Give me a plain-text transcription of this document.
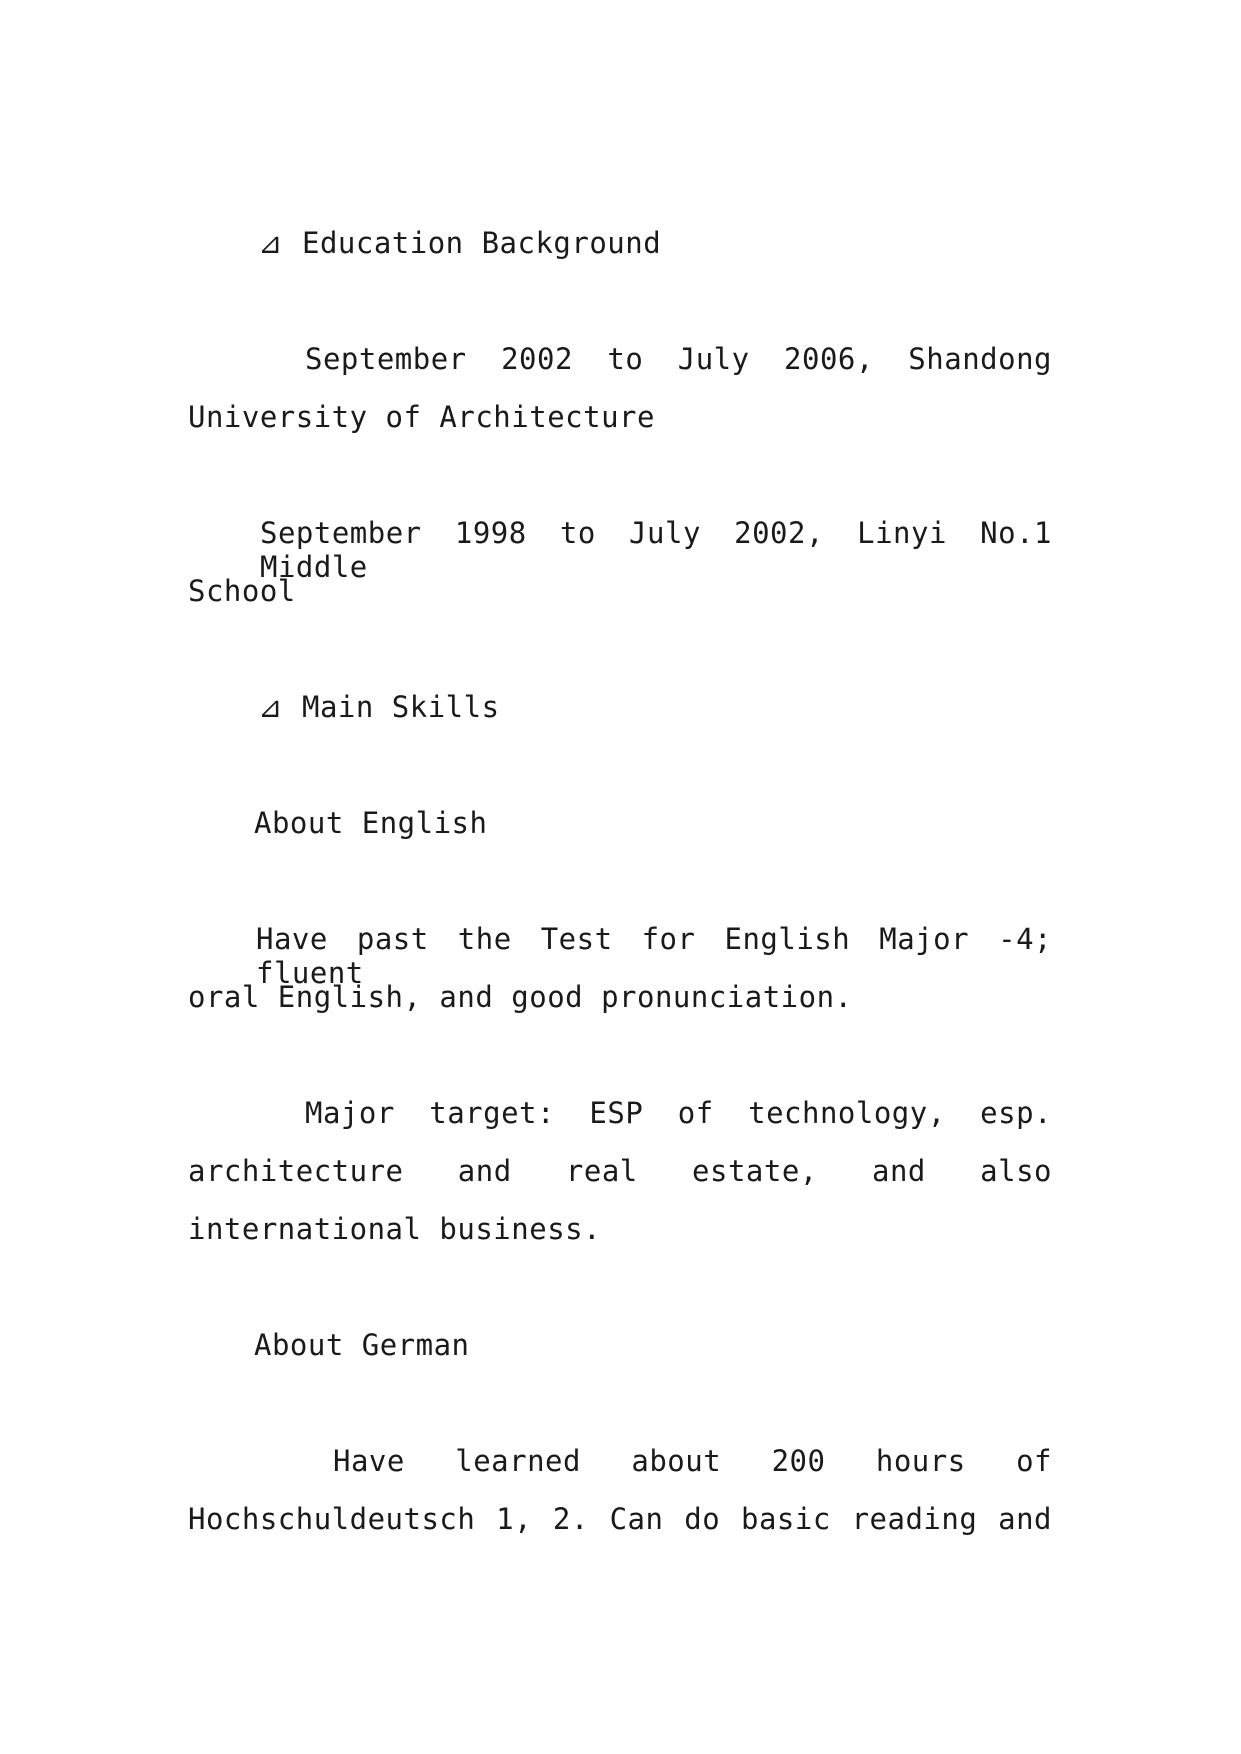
⊿ Education Background
September 2002 to July 2006, Shandong
University of Architecture
September 1998 to July 2002, Linyi No.1 Middle
School
⊿ Main Skills
About English
Have past the Test for English Major -4; fluent
oral English, and good pronunciation.
Major target: ESP of technology, esp.
architecture and real estate, and also
international business.
About German
Have learned about 200 hours of
Hochschuldeutsch 1, 2. Can do basic reading and
